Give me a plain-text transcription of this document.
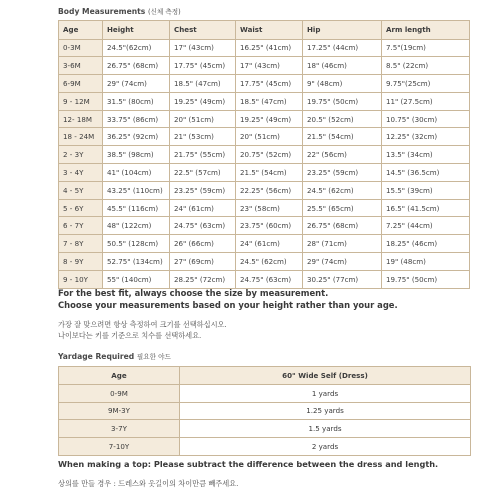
Body Measurements (신체 측정)
Age	Height	Chest	Waist	Hip	Arm length
0-3M	24.5"(62cm)	17" (43cm)	16.25" (41cm)	17.25" (44cm)	7.5"(19cm)
3-6M	26.75" (68cm)	17.75" (45cm)	17" (43cm)	18" (46cm)	8.5" (22cm)
6-9M	29" (74cm)	18.5" (47cm)	17.75" (45cm)	9" (48cm)	9.75"(25cm)
9 - 12M	31.5" (80cm)	19.25" (49cm)	18.5" (47cm)	19.75" (50cm)	11" (27.5cm)
12- 18M	33.75" (86cm)	20" (51cm)	19.25" (49cm)	20.5" (52cm)	10.75" (30cm)
18 - 24M	36.25" (92cm)	21" (53cm)	20" (51cm)	21.5" (54cm)	12.25" (32cm)
2 - 3Y	38.5" (98cm)	21.75" (55cm)	20.75" (52cm)	22" (56cm)	13.5" (34cm)
3 - 4Y	41" (104cm)	22.5" (57cm)	21.5" (54cm)	23.25" (59cm)	14.5" (36.5cm)
4 - 5Y	43.25" (110cm)	23.25" (59cm)	22.25" (56cm)	24.5" (62cm)	15.5" (39cm)
5 - 6Y	45.5" (116cm)	24" (61cm)	23" (58cm)	25.5" (65cm)	16.5" (41.5cm)
6 - 7Y	48" (122cm)	24.75" (63cm)	23.75" (60cm)	26.75" (68cm)	7.25" (44cm)
7 - 8Y	50.5" (128cm)	26" (66cm)	24" (61cm)	28" (71cm)	18.25" (46cm)
8 - 9Y	52.75" (134cm)	27" (69cm)	24.5" (62cm)	29" (74cm)	19" (48cm)
9 - 10Y	55" (140cm)	28.25" (72cm)	24.75" (63cm)	30.25" (77cm)	19.75" (50cm)
For the best fit, always choose the size by measurement.
Choose your measurements based on your height rather than your age.
가장 잘 맞으려면 항상 측정하여 크기를 선택하십시오.
나이보다는 키를 기준으로 치수를 선택하세요.
Yardage Required 필요한 야드
Age	60" Wide Self (Dress)
0-9M	1 yards
9M-3Y	1.25 yards
3-7Y	1.5 yards
7-10Y	2 yards
When making a top: Please subtract the difference between the dress and length.
상의를 만들 경우 : 드레스와 옷길이의 차이만큼 빼주세요.
